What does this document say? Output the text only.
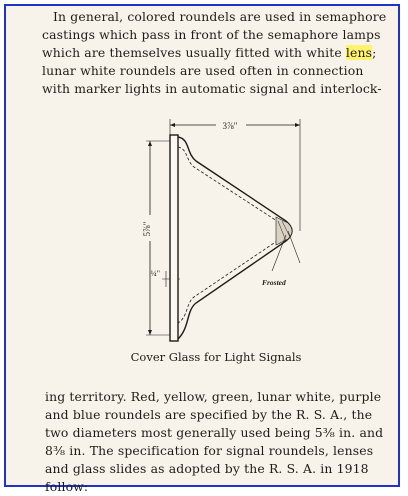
In general, colored roundels are used in semaphore
castings which pass in front of the semaphore lamps
which are themselves usually fitted with white lens;
lunar white roundels are used often in connection
with marker lights in automatic signal and interlock-

3⅞"
5⅞"
¼"
Frosted
Cover Glass for Light Signals

ing territory. Red, yellow, green, lunar white, purple
and blue roundels are specified by the R. S. A., the
two diameters most generally used being 5⅜ in. and
8⅜ in. The specification for signal roundels, lenses
and glass slides as adopted by the R. S. A. in 1918
follow:
